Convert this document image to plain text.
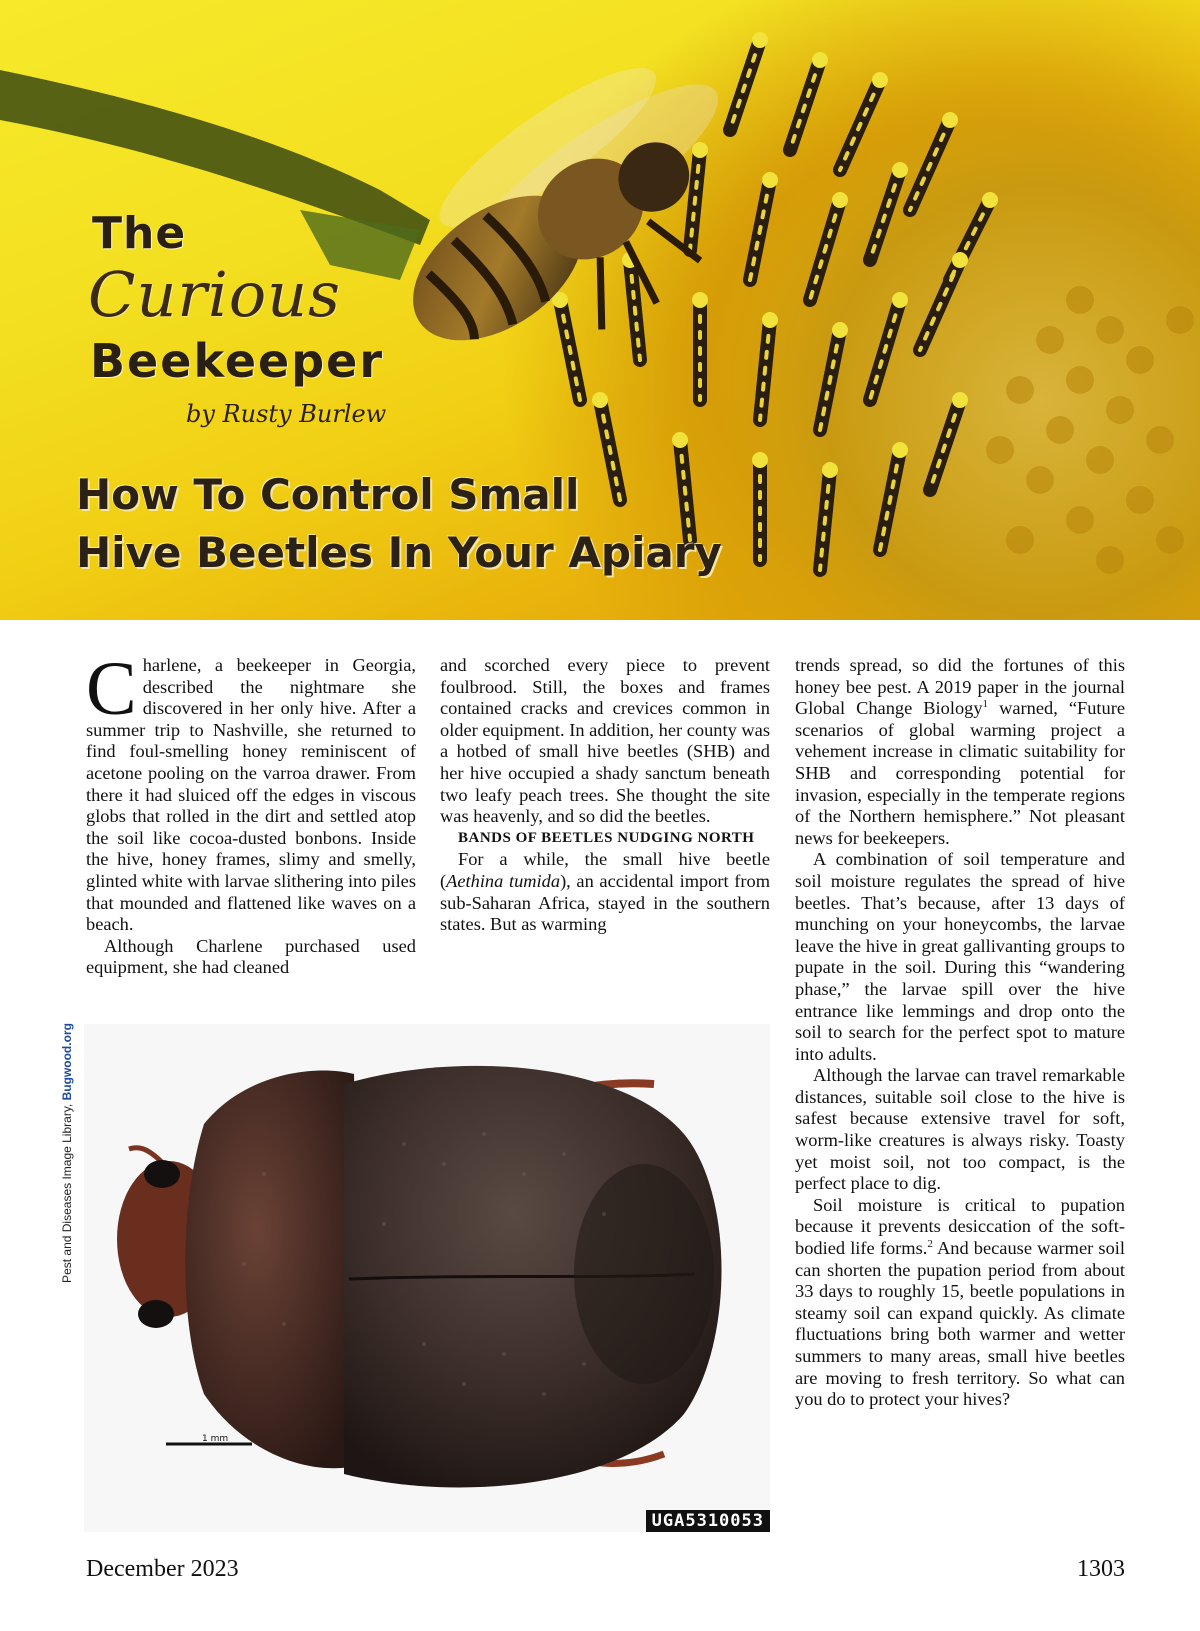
The
Curious
Beekeeper
by Rusty Burlew
How To Control Small
Hive Beetles In Your Apiary

Charlene, a beekeeper in Georgia, described the nightmare she discovered in her only hive. After a summer trip to Nashville, she returned to find foul-smelling honey reminiscent of acetone pooling on the varroa drawer. From there it had sluiced off the edges in viscous globs that rolled in the dirt and settled atop the soil like cocoa-dusted bonbons. Inside the hive, honey frames, slimy and smelly, glinted white with larvae slithering into piles that mounded and flattened like waves on a beach.

Although Charlene purchased used equipment, she had cleaned

and scorched every piece to prevent foulbrood. Still, the boxes and frames contained cracks and crevices common in older equipment. In addition, her county was a hotbed of small hive beetles (SHB) and her hive occupied a shady sanctum beneath two leafy peach trees. She thought the site was heavenly, and so did the beetles.

BANDS OF BEETLES NUDGING NORTH

For a while, the small hive beetle (Aethina tumida), an accidental import from sub-Saharan Africa, stayed in the southern states. But as warming

trends spread, so did the fortunes of this honey bee pest. A 2019 paper in the journal Global Change Biology$^1$ warned, “Future scenarios of global warming project a vehement increase in climatic suitability for SHB and corresponding potential for invasion, especially in the temperate regions of the Northern hemisphere.” Not pleasant news for beekeepers.

A combination of soil temperature and soil moisture regulates the spread of hive beetles. That’s because, after 13 days of munching on your honeycombs, the larvae leave the hive in great gallivanting groups to pupate in the soil. During this “wandering phase,” the larvae spill over the hive entrance like lemmings and drop onto the soil to search for the perfect spot to mature into adults.

Although the larvae can travel remarkable distances, suitable soil close to the hive is safest because extensive travel for soft, worm-like creatures is always risky. Toasty yet moist soil, not too compact, is the perfect place to dig.

Soil moisture is critical to pupation because it prevents desiccation of the soft-bodied life forms.$^2$ And because warmer soil can shorten the pupation period from about 33 days to roughly 15, beetle populations in steamy soil can expand quickly. As climate fluctuations bring both warmer and wetter summers to many areas, small hive beetles are moving to fresh territory. So what can you do to protect your hives?

Pest and Diseases Image Library, Bugwood.org
1 mm
UGA5310053
December 2023	1303
